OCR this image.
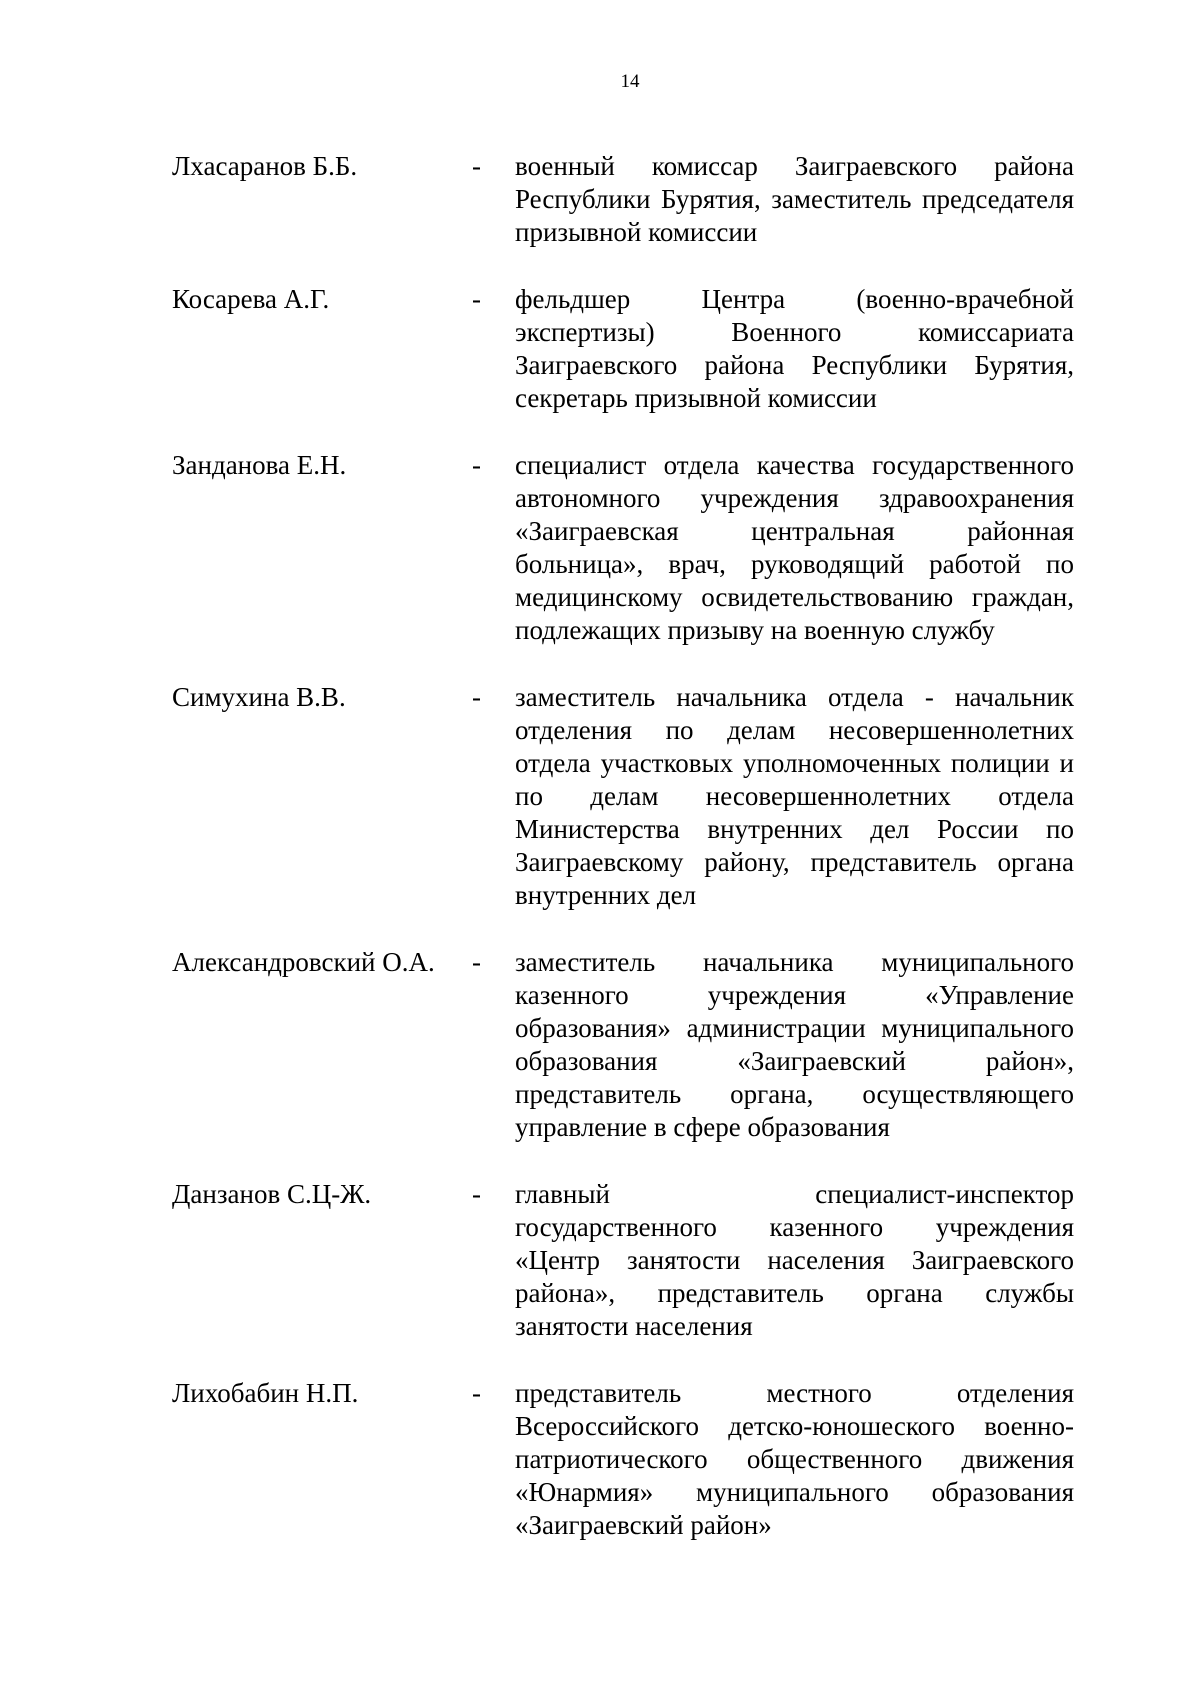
14
Лхасаранов Б.Б.	-	военный комиссар Заиграевского района Республики Бурятия, заместитель председателя призывной комиссии
Косарева А.Г.	-	фельдшер Центра (военно-врачебной экспертизы) Военного комиссариата Заиграевского района Республики Бурятия, секретарь призывной комиссии
Занданова Е.Н.	-	специалист отдела качества государственного автономного учреждения здравоохранения «Заиграевская центральная районная больница», врач, руководящий работой по медицинскому освидетельствованию граждан, подлежащих призыву на военную службу
Симухина В.В.	-	заместитель начальника отдела - начальник отделения по делам несовершеннолетних отдела участковых уполномоченных полиции и по делам несовершеннолетних отдела Министерства внутренних дел России по Заиграевскому району, представитель органа внутренних дел
Александровский О.А.	-	заместитель начальника муниципального казенного учреждения «Управление образования» администрации муниципального образования «Заиграевский район», представитель органа, осуществляющего управление в сфере образования
Данзанов С.Ц-Ж.	-	главный специалист-инспектор государственного казенного учреждения «Центр занятости населения Заиграевского района», представитель органа службы занятости населения
Лихобабин Н.П.	-	представитель местного отделения Всероссийского детско-юношеского военно-патриотического общественного движения «Юнармия» муниципального образования «Заиграевский район»
